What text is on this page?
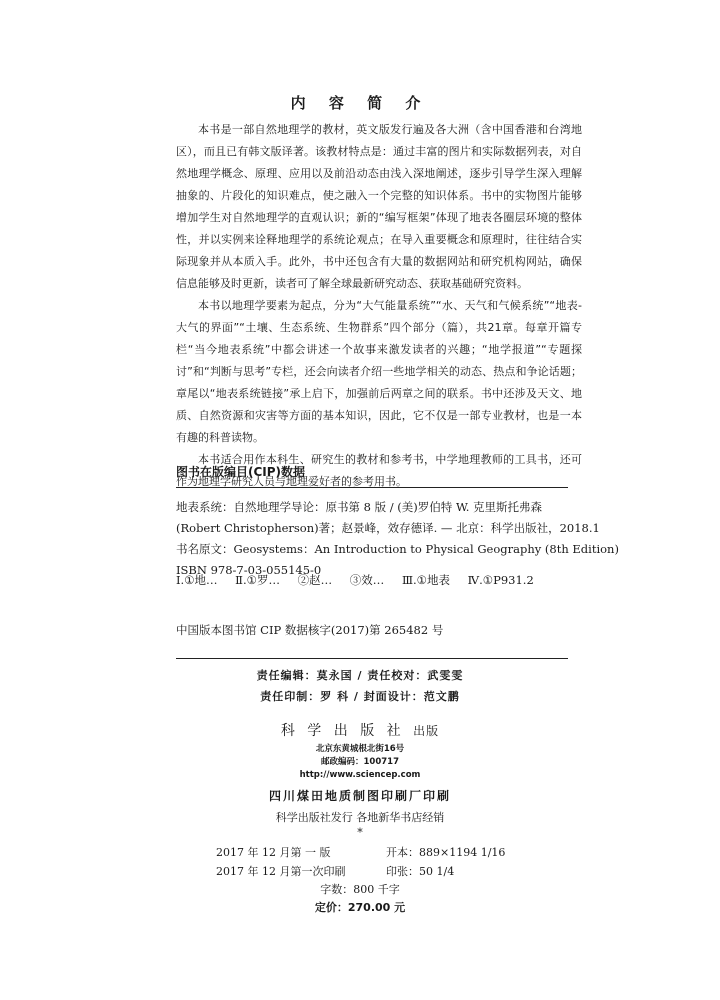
内 容 简 介

本书是一部自然地理学的教材，英文版发行遍及各大洲（含中国香港和台湾地区），而且已有韩文版译著。该教材特点是：通过丰富的图片和实际数据列表，对自然地理学概念、原理、应用以及前沿动态由浅入深地阐述，逐步引导学生深入理解抽象的、片段化的知识难点，使之融入一个完整的知识体系。书中的实物图片能够增加学生对自然地理学的直观认识；新的“编写框架”体现了地表各圈层环境的整体性，并以实例来诠释地理学的系统论观点；在导入重要概念和原理时，往往结合实际现象并从本质入手。此外，书中还包含有大量的数据网站和研究机构网站，确保信息能够及时更新，读者可了解全球最新研究动态、获取基础研究资料。

本书以地理学要素为起点，分为“大气能量系统”“水、天气和气候系统”“地表-大气的界面”“土壤、生态系统、生物群系”四个部分（篇），共21章。每章开篇专栏“当今地表系统”中都会讲述一个故事来激发读者的兴趣；“地学报道”“专题探讨”和“判断与思考”专栏，还会向读者介绍一些地学相关的动态、热点和争论话题；章尾以“地表系统链接”承上启下，加强前后两章之间的联系。书中还涉及天文、地质、自然资源和灾害等方面的基本知识，因此，它不仅是一部专业教材，也是一本有趣的科普读物。

本书适合用作本科生、研究生的教材和参考书，中学地理教师的工具书，还可作为地理学研究人员与地理爱好者的参考用书。

图书在版编目(CIP)数据
地表系统：自然地理学导论：原书第 8 版 / (美)罗伯特 W. 克里斯托弗森
(Robert Christopherson)著；赵景峰，效存德译. — 北京：科学出版社，2018.1
书名原文：Geosystems：An Introduction to Physical Geography (8th Edition)
ISBN 978-7-03-055145-0
Ⅰ.①地… Ⅱ.①罗… ②赵… ③效… Ⅲ.①地表 Ⅳ.①P931.2
中国版本图书馆 CIP 数据核字(2017)第 265482 号
责任编辑：莫永国 / 责任校对：武雯雯
责任印制：罗 科 / 封面设计：范文鹏
科 学 出 版 社 出版
北京东黄城根北街16号
邮政编码：100717
http://www.sciencep.com
四川煤田地质制图印刷厂印刷
科学出版社发行 各地新华书店经销
*
2017 年 12 月第 一 版	开本：889×1194 1/16
2017 年 12 月第一次印刷	印张：50 1/4
字数：800 千字
定价：270.00 元
